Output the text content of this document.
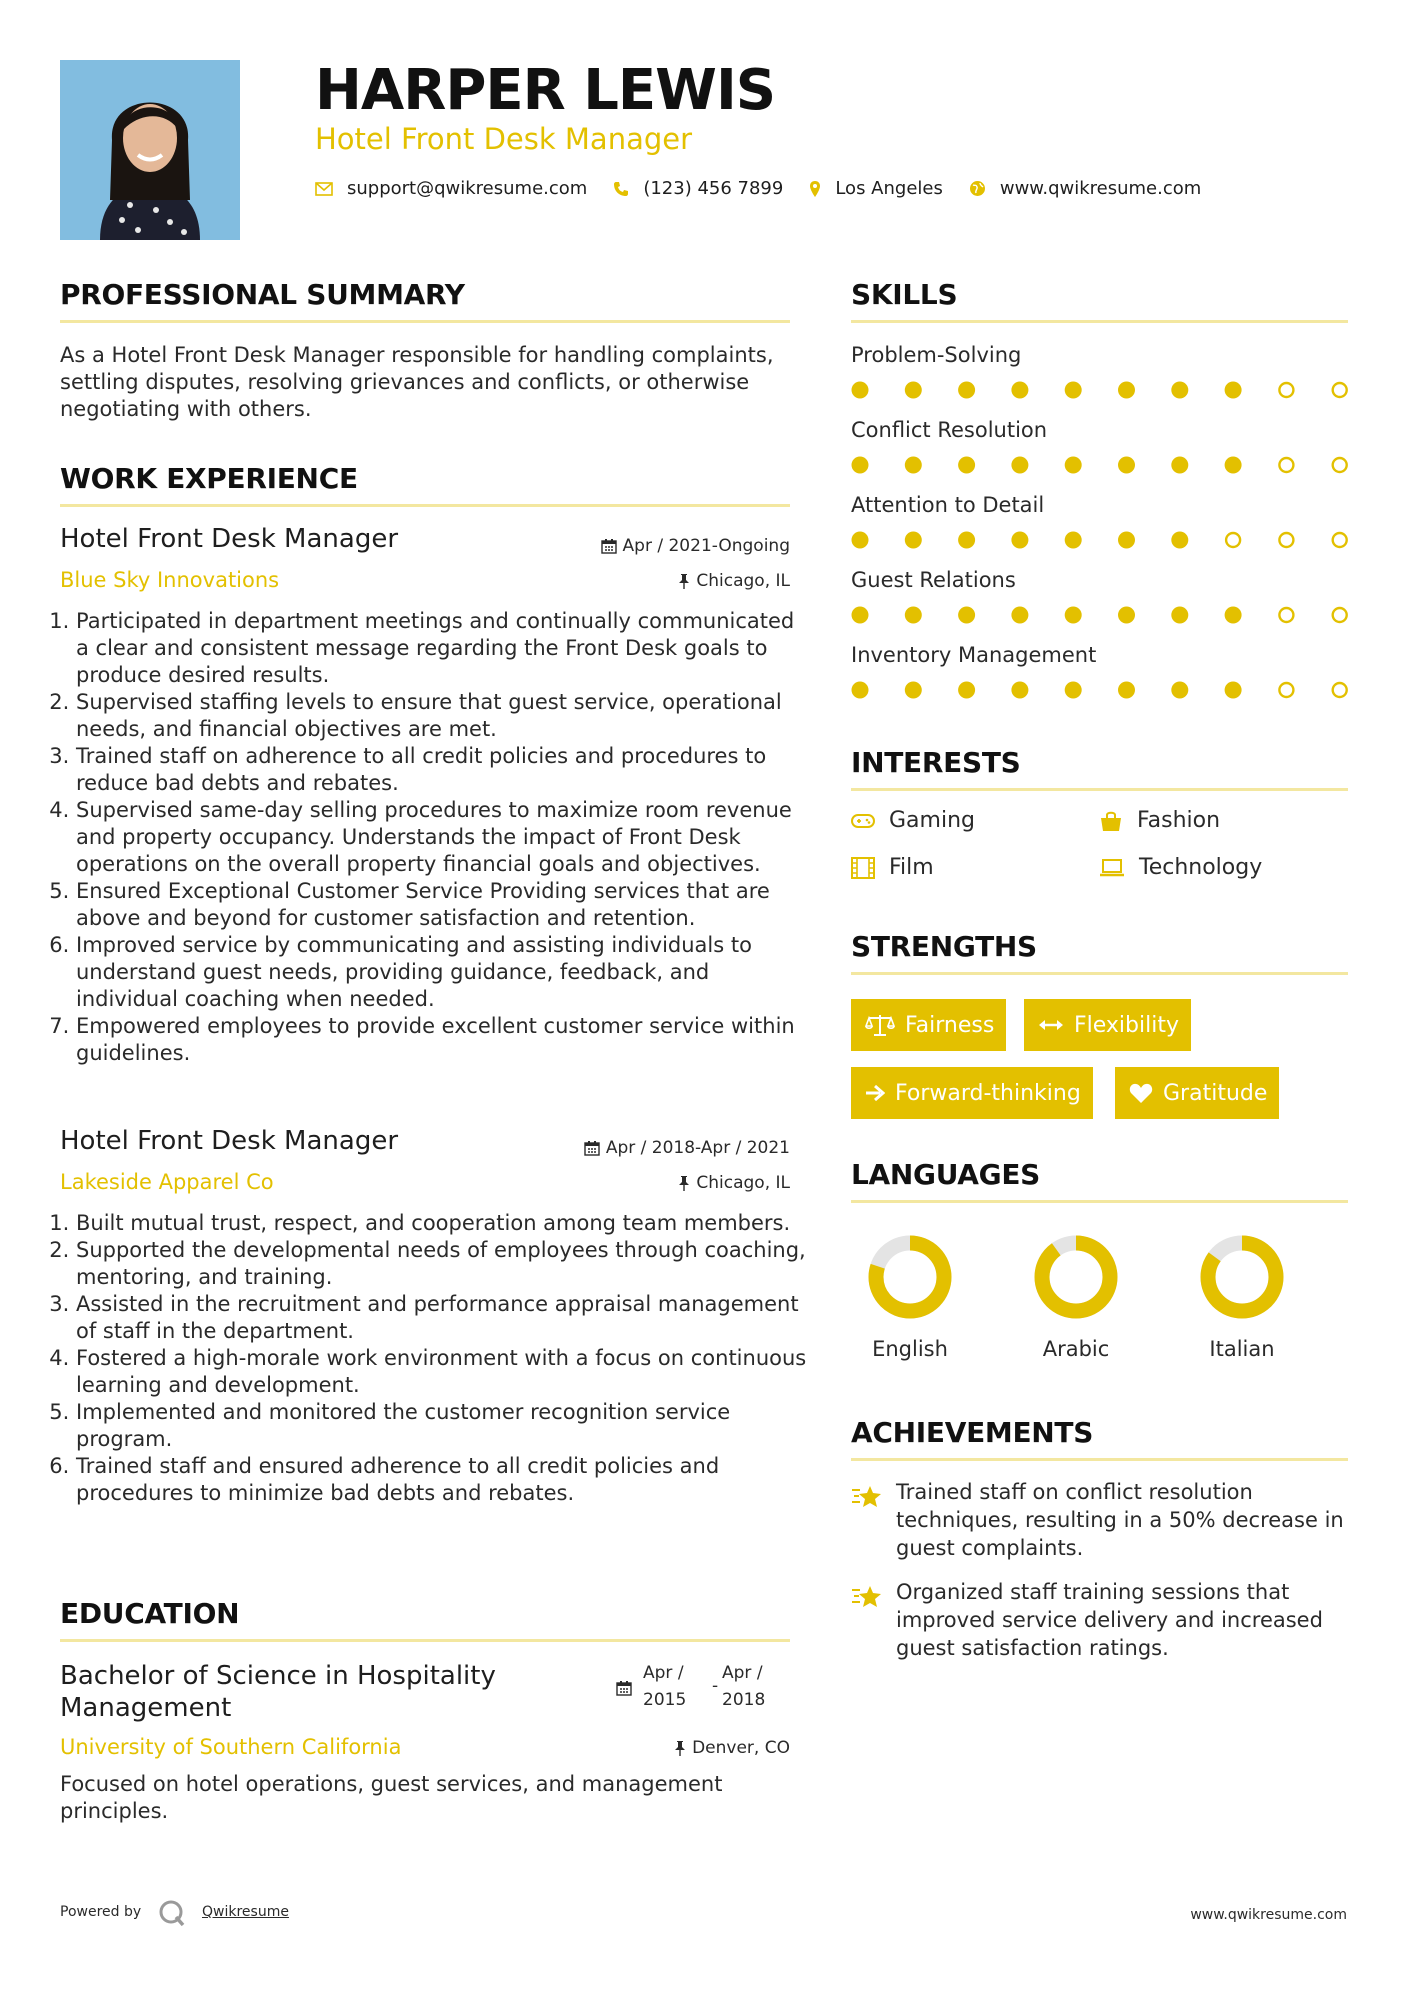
HARPER LEWIS
Hotel Front Desk Manager
support@qwikresume.com	(123) 456 7899	Los Angeles	www.qwikresume.com
PROFESSIONAL SUMMARY
As a Hotel Front Desk Manager responsible for handling complaints, settling disputes, resolving grievances and conflicts, or otherwise negotiating with others.
WORK EXPERIENCE
Hotel Front Desk Manager	Apr / 2021-Ongoing
Blue Sky Innovations	Chicago, IL
1. Participated in department meetings and continually communicated a clear and consistent message regarding the Front Desk goals to produce desired results.
2. Supervised staffing levels to ensure that guest service, operational needs, and financial objectives are met.
3. Trained staff on adherence to all credit policies and procedures to reduce bad debts and rebates.
4. Supervised same-day selling procedures to maximize room revenue and property occupancy. Understands the impact of Front Desk operations on the overall property financial goals and objectives.
5. Ensured Exceptional Customer Service Providing services that are above and beyond for customer satisfaction and retention.
6. Improved service by communicating and assisting individuals to understand guest needs, providing guidance, feedback, and individual coaching when needed.
7. Empowered employees to provide excellent customer service within guidelines.
Hotel Front Desk Manager	Apr / 2018-Apr / 2021
Lakeside Apparel Co	Chicago, IL
1. Built mutual trust, respect, and cooperation among team members.
2. Supported the developmental needs of employees through coaching, mentoring, and training.
3. Assisted in the recruitment and performance appraisal management of staff in the department.
4. Fostered a high-morale work environment with a focus on continuous learning and development.
5. Implemented and monitored the customer recognition service program.
6. Trained staff and ensured adherence to all credit policies and procedures to minimize bad debts and rebates.
EDUCATION
Bachelor of Science in Hospitality Management
Apr /
2015
-
Apr /
2018
University of Southern California	Denver, CO
Focused on hotel operations, guest services, and management principles.
SKILLS
Problem-Solving
Conflict Resolution
Attention to Detail
Guest Relations
Inventory Management
INTERESTS
Gaming	Fashion
Film	Technology
STRENGTHS
Fairness	Flexibility
Forward-thinking	Gratitude
LANGUAGES
English	Arabic	Italian
ACHIEVEMENTS
Trained staff on conflict resolution techniques, resulting in a 50% decrease in guest complaints.
Organized staff training sessions that improved service delivery and increased guest satisfaction ratings.
Powered by	Qwikresume	www.qwikresume.com
